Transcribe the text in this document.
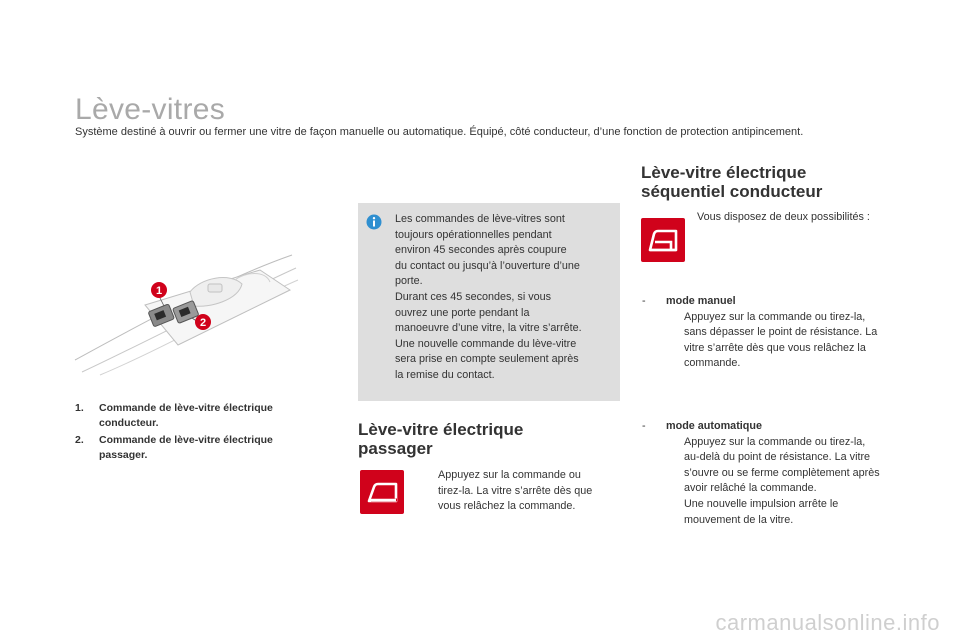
Lève-vitres
Système destiné à ouvrir ou fermer une vitre de façon manuelle ou automatique. Équipé, côté conducteur, d’une fonction de protection antipincement.
1
2
1. Commande de lève-vitre électrique
conducteur.
2. Commande de lève-vitre électrique
passager.
Les commandes de lève-vitres sont
toujours opérationnelles pendant
environ 45 secondes après coupure
du contact ou jusqu’à l’ouverture d’une
porte.
Durant ces 45 secondes, si vous
ouvrez une porte pendant la
manoeuvre d’une vitre, la vitre s’arrête.
Une nouvelle commande du lève-vitre
sera prise en compte seulement après
la remise du contact.
Lève-vitre électrique
passager
Appuyez sur la commande ou
tirez-la. La vitre s’arrête dès que
vous relâchez la commande.
Lève-vitre électrique
séquentiel conducteur
Vous disposez de deux possibilités :
- mode manuel
Appuyez sur la commande ou tirez-la,
sans dépasser le point de résistance. La
vitre s’arrête dès que vous relâchez la
commande.
- mode automatique
Appuyez sur la commande ou tirez-la,
au-delà du point de résistance. La vitre
s’ouvre ou se ferme complètement après
avoir relâché la commande.
Une nouvelle impulsion arrête le
mouvement de la vitre.
carmanualsonline.info
